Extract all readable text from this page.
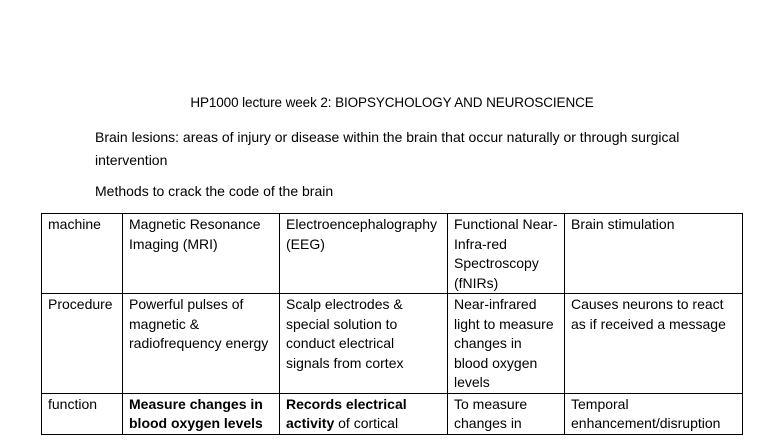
HP1000 lecture week 2: BIOPSYCHOLOGY AND NEUROSCIENCE
Brain lesions: areas of injury or disease within the brain that occur naturally or through surgical intervention
Methods to crack the code of the brain
machine	Magnetic Resonance Imaging (MRI)	Electroencephalography (EEG)	Functional Near-Infra-red Spectroscopy (fNIRs)	Brain stimulation
Procedure	Powerful pulses of magnetic & radiofrequency energy	Scalp electrodes & special solution to conduct electrical signals from cortex	Near-infrared light to measure changes in blood oxygen levels	Causes neurons to react as if received a message
function	Measure changes in blood oxygen levels	Records electrical activity of cortical	To measure changes in	Temporal enhancement/disruption
